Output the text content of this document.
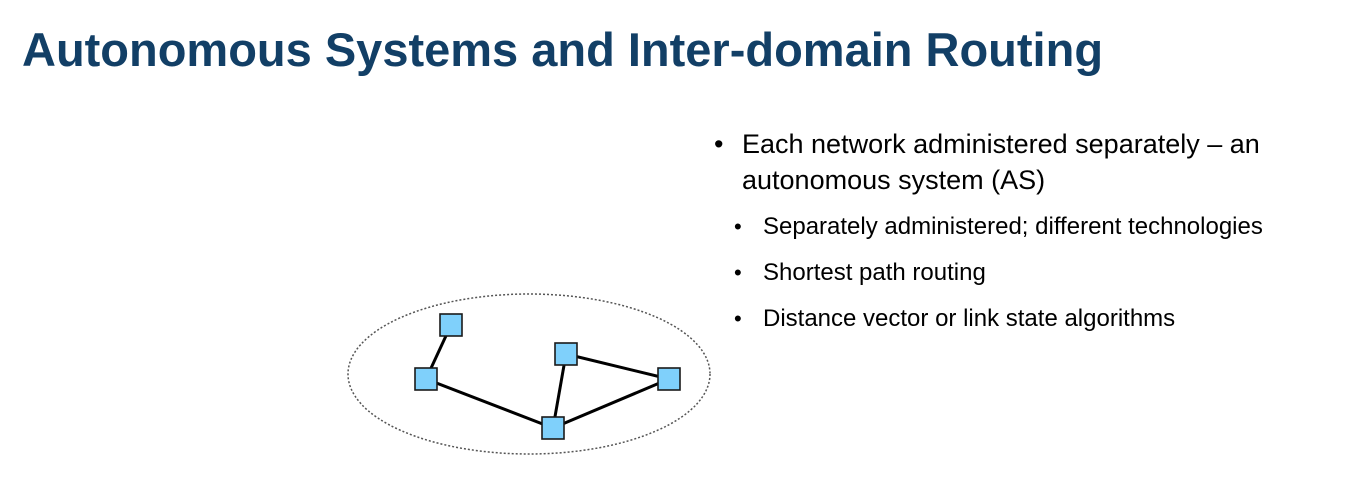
Autonomous Systems and Inter-domain Routing
• Each network administered separately – an
autonomous system (AS)
• Separately administered; different technologies
• Shortest path routing
• Distance vector or link state algorithms
